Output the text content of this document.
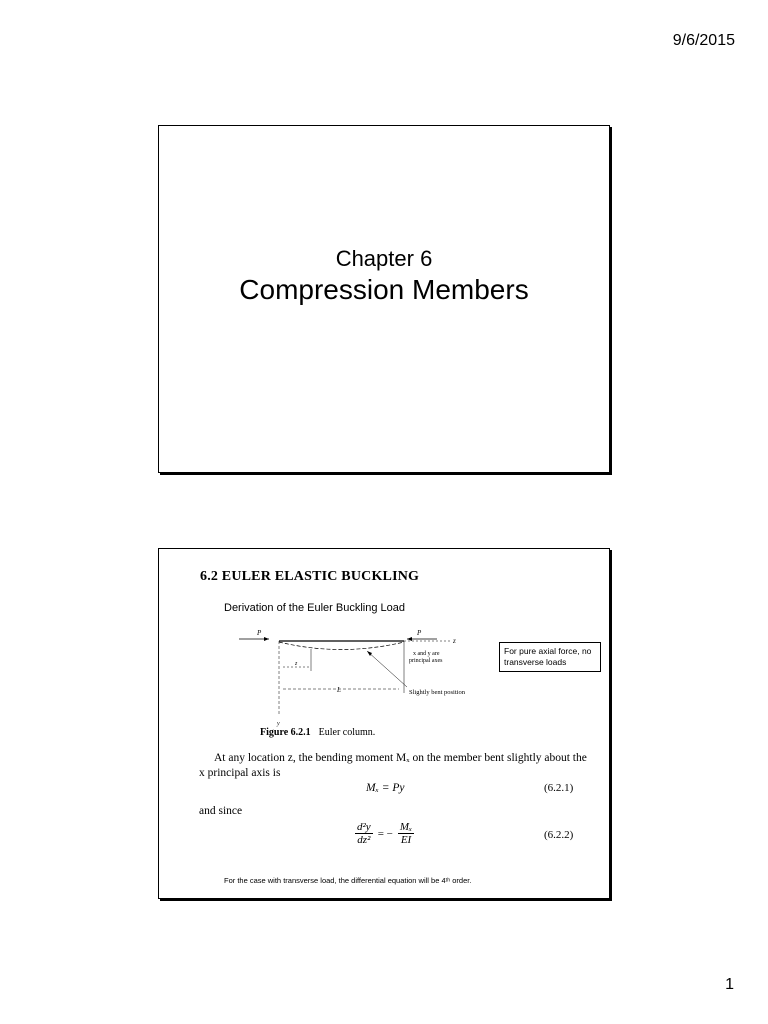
9/6/2015
Chapter 6
Compression Members
6.2 EULER ELASTIC BUCKLING
Derivation of the Euler Buckling Load
P	P
z
x and y are
principal axes
z
L
y
Slightly bent position
For pure axial force, no transverse loads
Figure 6.2.1 Euler column.
At any location z, the bending moment Mₓ on the member bent slightly about the
x principal axis is
Mₓ = Py	(6.2.1)
and since
d²y	= −	Mₓ
dz²		EI	(6.2.2)
For the case with transverse load, the differential equation will be 4ᵗʰ order.
1
